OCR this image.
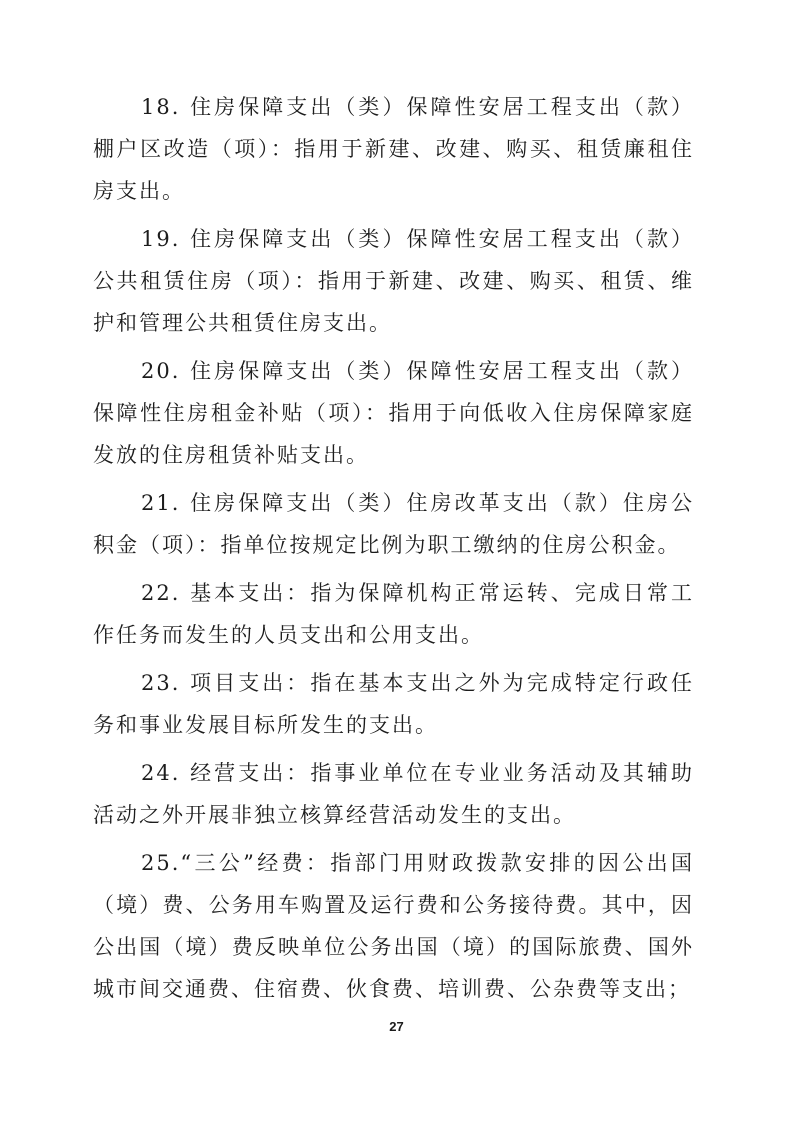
18. 住房保障支出（类）保障性安居工程支出（款）棚户区改造（项）：指用于新建、改建、购买、租赁廉租住房支出。

19. 住房保障支出（类）保障性安居工程支出（款）公共租赁住房（项）：指用于新建、改建、购买、租赁、维护和管理公共租赁住房支出。

20. 住房保障支出（类）保障性安居工程支出（款）保障性住房租金补贴（项）：指用于向低收入住房保障家庭发放的住房租赁补贴支出。

21. 住房保障支出（类）住房改革支出（款）住房公积金（项）：指单位按规定比例为职工缴纳的住房公积金。

22. 基本支出：指为保障机构正常运转、完成日常工作任务而发生的人员支出和公用支出。

23. 项目支出：指在基本支出之外为完成特定行政任务和事业发展目标所发生的支出。

24. 经营支出：指事业单位在专业业务活动及其辅助活动之外开展非独立核算经营活动发生的支出。

25.“三公”经费：指部门用财政拨款安排的因公出国（境）费、公务用车购置及运行费和公务接待费。其中，因公出国（境）费反映单位公务出国（境）的国际旅费、国外城市间交通费、住宿费、伙食费、培训费、公杂费等支出；

27
